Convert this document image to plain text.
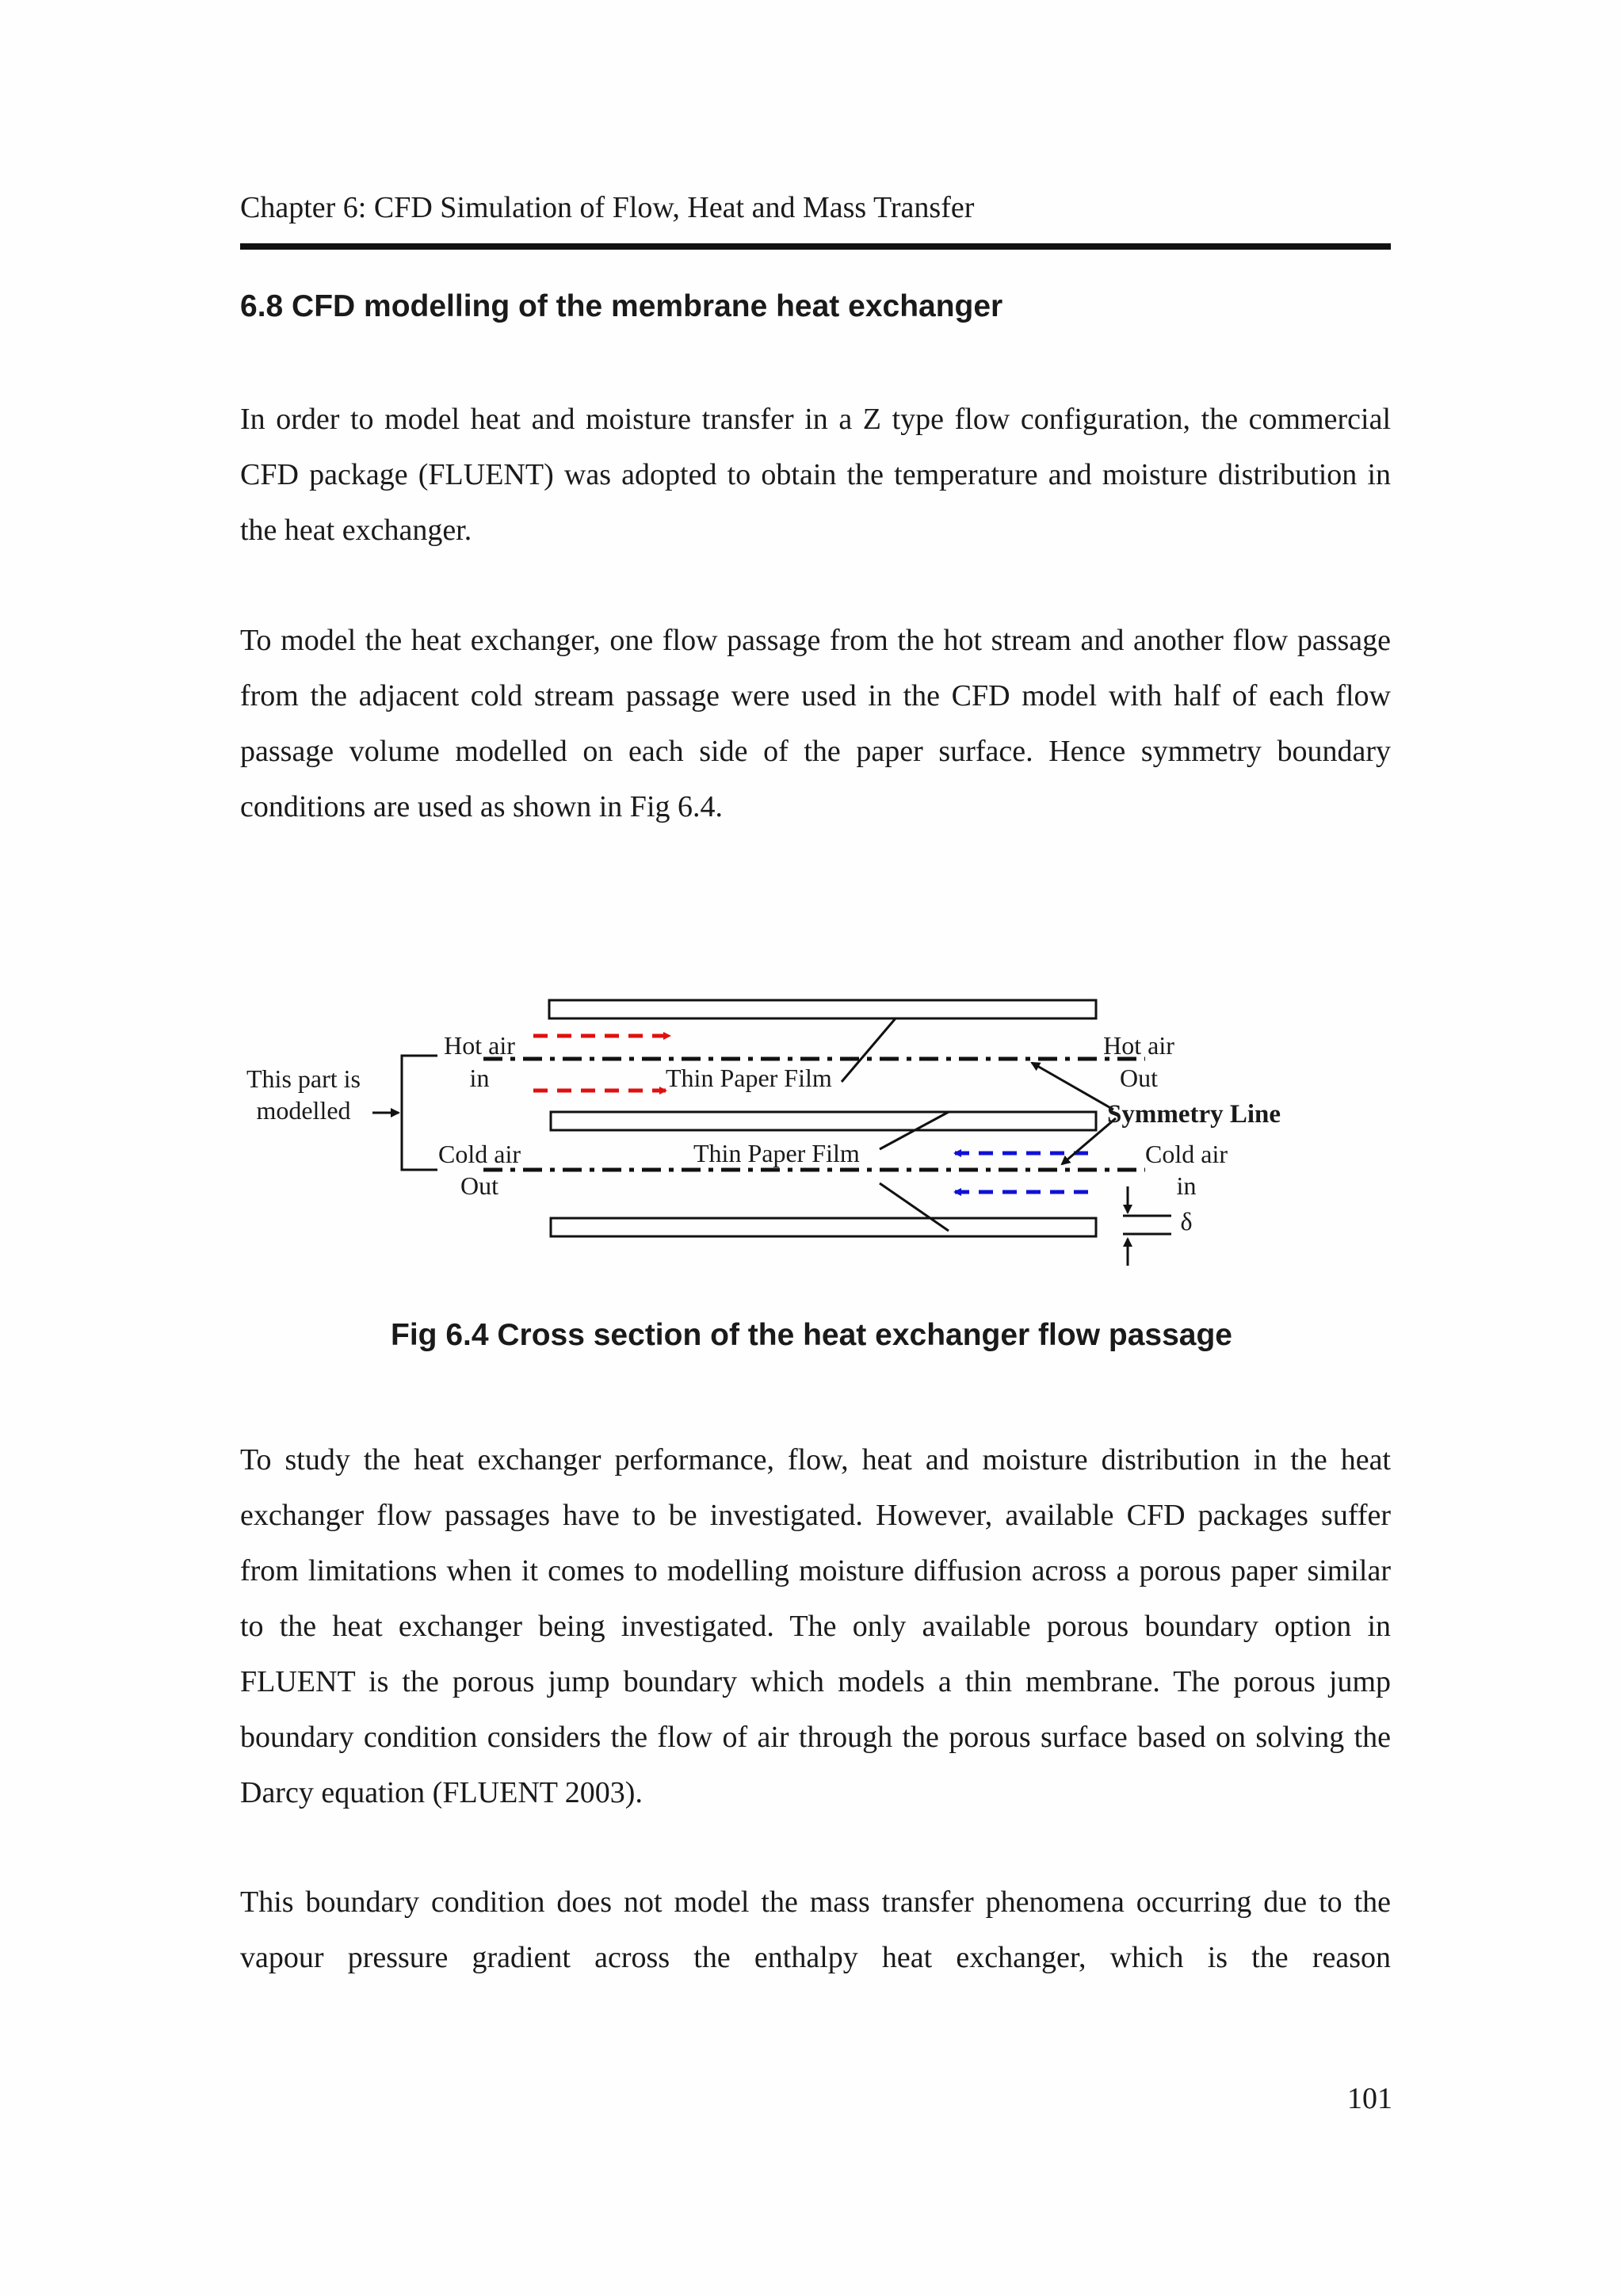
Chapter 6: CFD Simulation of Flow, Heat and Mass Transfer
6.8 CFD modelling of the membrane heat exchanger

In order to model heat and moisture transfer in a Z type flow configuration, the commercial CFD package (FLUENT) was adopted to obtain the temperature and moisture distribution in the heat exchanger.

To model the heat exchanger, one flow passage from the hot stream and another flow passage from the adjacent cold stream passage were used in the CFD model with half of each flow passage volume modelled on each side of the paper surface. Hence symmetry boundary conditions are used as shown in Fig 6.4.

This part is
modelled
Hot air
in
Hot air
Out
Thin Paper Film
Thin Paper Film
Symmetry Line
Cold air
Out
Cold air
in
δ
Fig 6.4 Cross section of the heat exchanger flow passage

To study the heat exchanger performance, flow, heat and moisture distribution in the heat exchanger flow passages have to be investigated. However, available CFD packages suffer from limitations when it comes to modelling moisture diffusion across a porous paper similar to the heat exchanger being investigated. The only available porous boundary option in FLUENT is the porous jump boundary which models a thin membrane. The porous jump boundary condition considers the flow of air through the porous surface based on solving the Darcy equation (FLUENT 2003).

This boundary condition does not model the mass transfer phenomena occurring due to the vapour pressure gradient across the enthalpy heat exchanger, which is the reason

101
